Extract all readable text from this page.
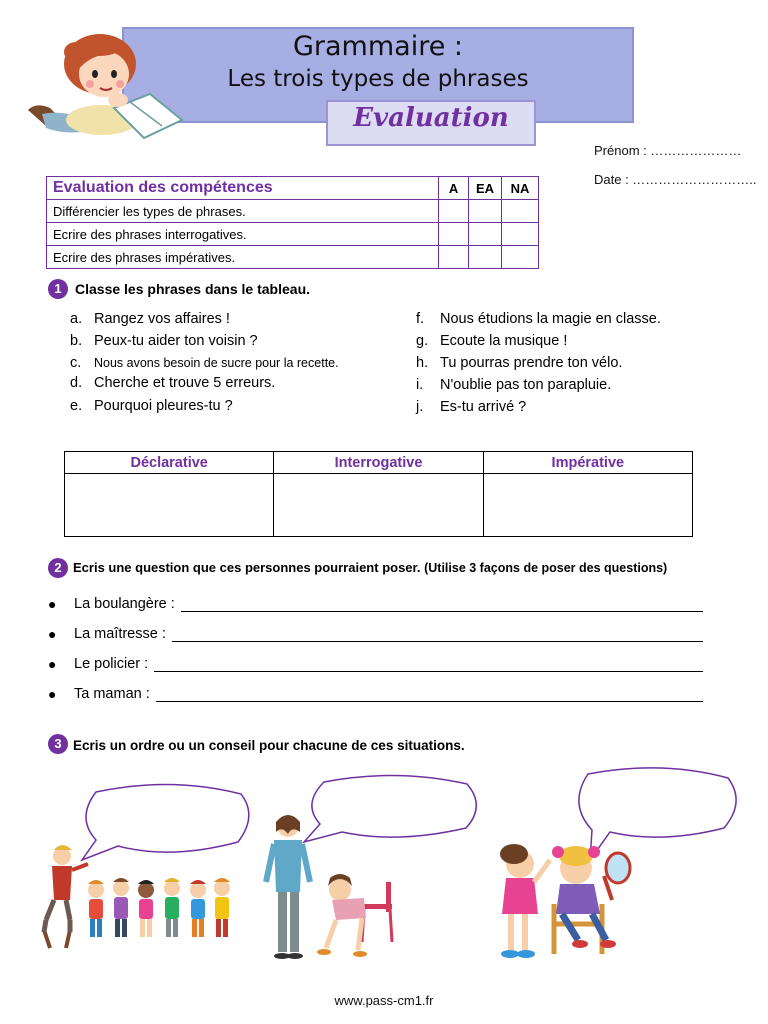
Grammaire :
Les trois types de phrases
Evaluation
Prénom : …………………
Date : ………………………..
Evaluation des compétences	A	EA	NA
Différencier les types de phrases.			
Ecrire des phrases interrogatives.			
Ecrire des phrases impératives.			
1 Classe les phrases dans le tableau.
a. Rangez vos affaires !
b. Peux-tu aider ton voisin ?
c. Nous avons besoin de sucre pour la recette.
d. Cherche et trouve 5 erreurs.
e. Pourquoi pleures-tu ?
f. Nous étudions la magie en classe.
g. Ecoute la musique !
h. Tu pourras prendre ton vélo.
i. N'oublie pas ton parapluie.
j. Es-tu arrivé ?
Déclarative	Interrogative	Impérative

2 Ecris une question que ces personnes pourraient poser. (Utilise 3 façons de poser des questions)
●	La boulangère :
●	La maîtresse :
●	Le policier :
●	Ta maman :
3 Ecris un ordre ou un conseil pour chacune de ces situations.
www.pass-cm1.fr
